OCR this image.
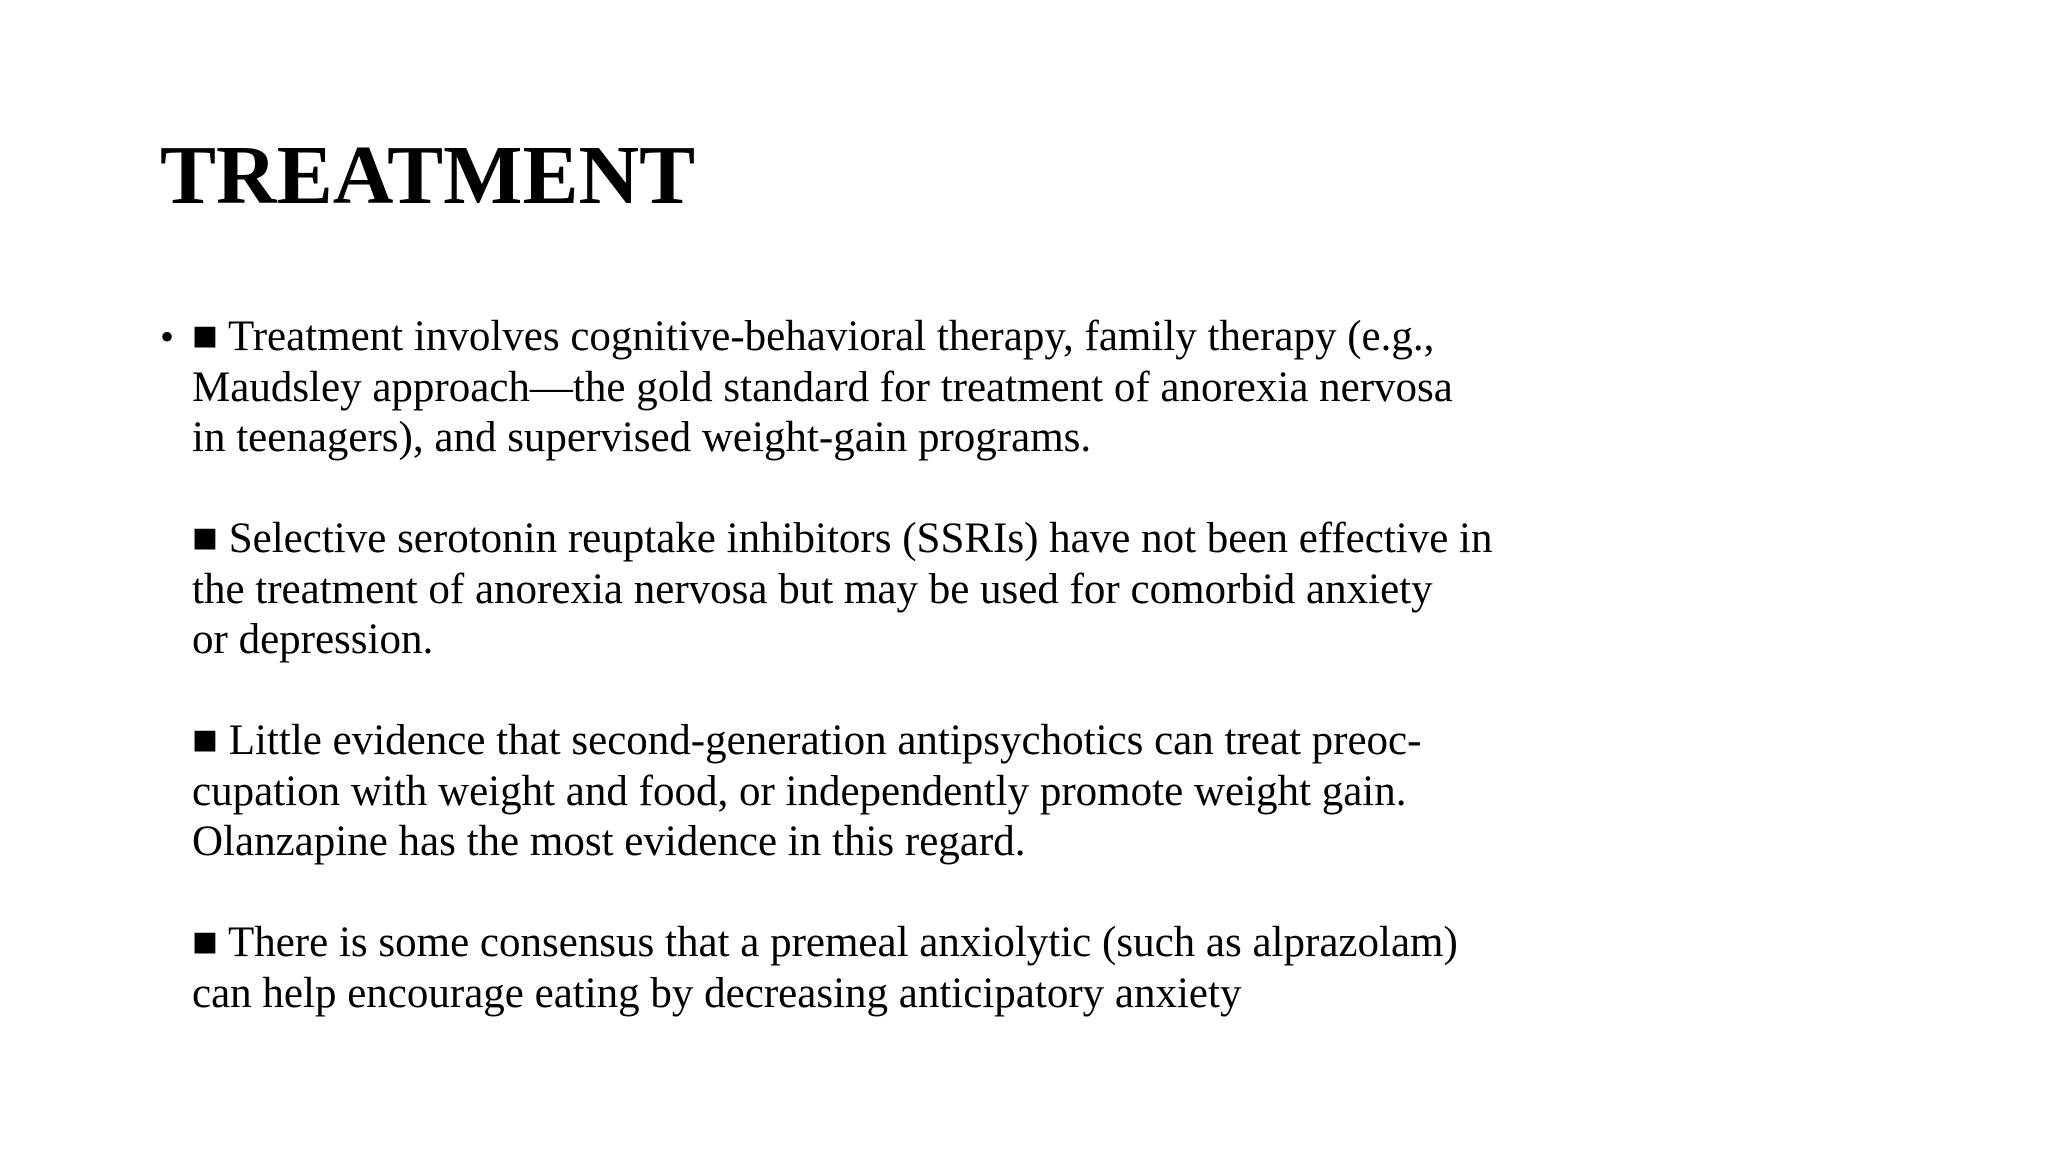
TREATMENT
• ■ Treatment involves cognitive-behavioral therapy, family therapy (e.g.,
Maudsley approach—the gold standard for treatment of anorexia nervosa
in teenagers), and supervised weight-gain programs.

■ Selective serotonin reuptake inhibitors (SSRIs) have not been effective in
the treatment of anorexia nervosa but may be used for comorbid anxiety
or depression.

■ Little evidence that second-generation antipsychotics can treat preoc-
cupation with weight and food, or independently promote weight gain.
Olanzapine has the most evidence in this regard.

■ There is some consensus that a premeal anxiolytic (such as alprazolam)
can help encourage eating by decreasing anticipatory anxiety
